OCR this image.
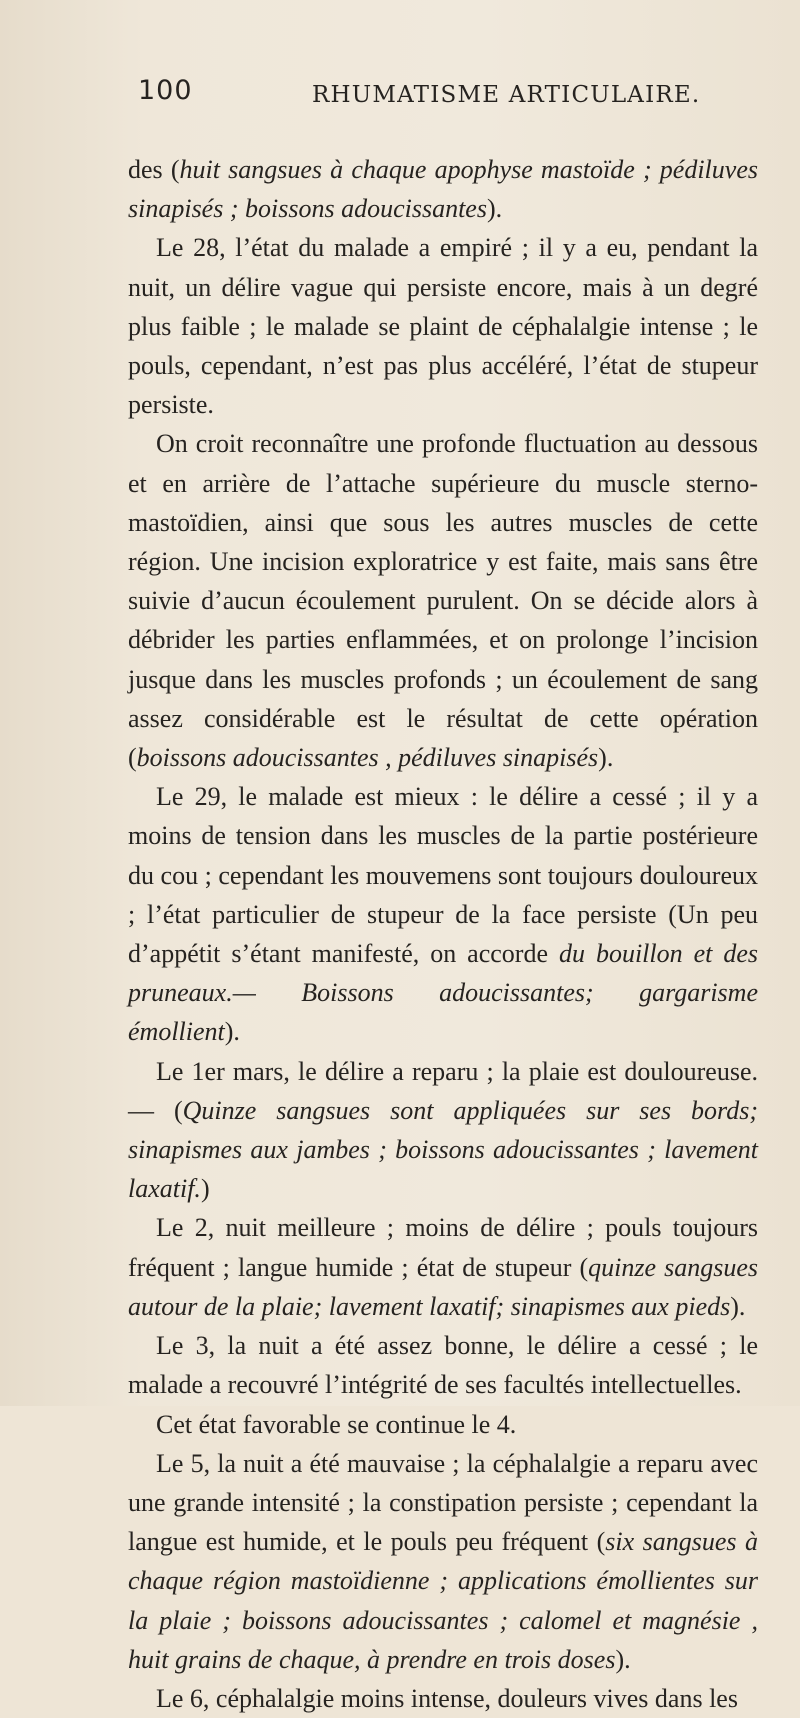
100	RHUMATISME ARTICULAIRE.

des (huit sangsues à chaque apophyse mastoïde ; pédiluves sinapisés ; boissons adoucissantes).

Le 28, l’état du malade a empiré ; il y a eu, pendant la nuit, un délire vague qui persiste encore, mais à un degré plus faible ; le malade se plaint de céphalalgie intense ; le pouls, cependant, n’est pas plus accéléré, l’état de stupeur persiste.

On croit reconnaître une profonde fluctuation au dessous et en arrière de l’attache supérieure du muscle sterno-mastoïdien, ainsi que sous les autres muscles de cette région. Une incision exploratrice y est faite, mais sans être suivie d’aucun écoulement purulent. On se décide alors à débrider les parties enflammées, et on prolonge l’incision jusque dans les muscles profonds ; un écoulement de sang assez considérable est le résultat de cette opération (boissons adoucissantes , pédiluves sinapisés).

Le 29, le malade est mieux : le délire a cessé ; il y a moins de tension dans les muscles de la partie postérieure du cou ; cependant les mouvemens sont toujours douloureux ; l’état particulier de stupeur de la face persiste (Un peu d’appétit s’étant manifesté, on accorde du bouillon et des pruneaux.— Boissons adoucissantes; gargarisme émollient).

Le 1er mars, le délire a reparu ; la plaie est douloureuse. — (Quinze sangsues sont appliquées sur ses bords; sinapismes aux jambes ; boissons adoucissantes ; lavement laxatif.)

Le 2, nuit meilleure ; moins de délire ; pouls toujours fréquent ; langue humide ; état de stupeur (quinze sangsues autour de la plaie; lavement laxatif; sinapismes aux pieds).

Le 3, la nuit a été assez bonne, le délire a cessé ; le malade a recouvré l’intégrité de ses facultés intellectuelles.

Cet état favorable se continue le 4.

Le 5, la nuit a été mauvaise ; la céphalalgie a reparu avec une grande intensité ; la constipation persiste ; cependant la langue est humide, et le pouls peu fréquent (six sangsues à chaque région mastoïdienne ; applications émollientes sur la plaie ; boissons adoucissantes ; calomel et magnésie , huit grains de chaque, à prendre en trois doses).

Le 6, céphalalgie moins intense, douleurs vives dans les
